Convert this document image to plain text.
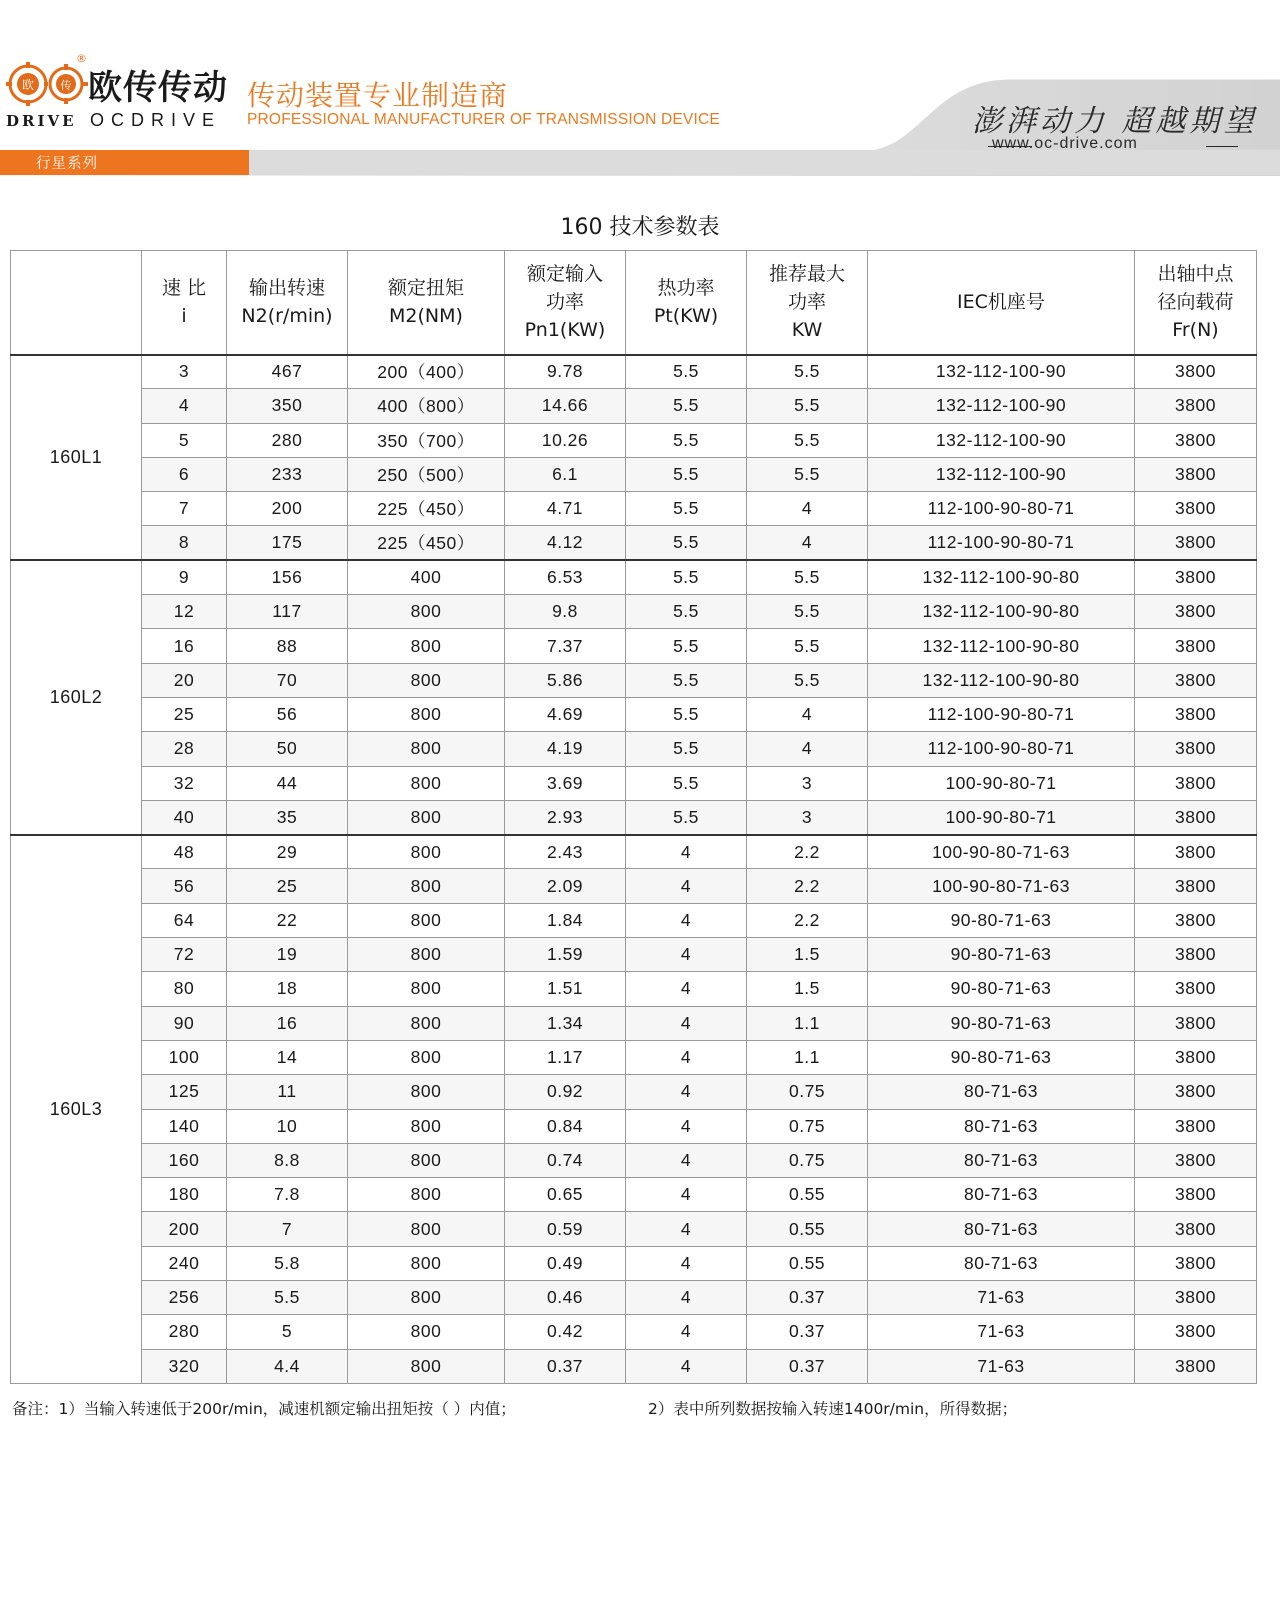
行星系列
欧 传
®
欧传传动
DRIVE OCDRIVE
传动装置专业制造商
PROFESSIONAL MANUFACTURER OF TRANSMISSION DEVICE	澎湃动力 超越期望
www.oc-drive.com
160 技术参数表
	速 比
i	输出转速
N2(r/min)	额定扭矩
M2(NM)	额定输入
功率
Pn1(KW)	热功率
Pt(KW)	推荐最大
功率
KW	IEC机座号	出轴中点
径向载荷
Fr(N)
160L1	3	467	200（400）	9.78	5.5	5.5	132-112-100-90	3800
	4	350	400（800）	14.66	5.5	5.5	132-112-100-90	3800
	5	280	350（700）	10.26	5.5	5.5	132-112-100-90	3800
	6	233	250（500）	6.1	5.5	5.5	132-112-100-90	3800
	7	200	225（450）	4.71	5.5	4	112-100-90-80-71	3800
	8	175	225（450）	4.12	5.5	4	112-100-90-80-71	3800
160L2	9	156	400	6.53	5.5	5.5	132-112-100-90-80	3800
	12	117	800	9.8	5.5	5.5	132-112-100-90-80	3800
	16	88	800	7.37	5.5	5.5	132-112-100-90-80	3800
	20	70	800	5.86	5.5	5.5	132-112-100-90-80	3800
	25	56	800	4.69	5.5	4	112-100-90-80-71	3800
	28	50	800	4.19	5.5	4	112-100-90-80-71	3800
	32	44	800	3.69	5.5	3	100-90-80-71	3800
	40	35	800	2.93	5.5	3	100-90-80-71	3800
160L3	48	29	800	2.43	4	2.2	100-90-80-71-63	3800
	56	25	800	2.09	4	2.2	100-90-80-71-63	3800
	64	22	800	1.84	4	2.2	90-80-71-63	3800
	72	19	800	1.59	4	1.5	90-80-71-63	3800
	80	18	800	1.51	4	1.5	90-80-71-63	3800
	90	16	800	1.34	4	1.1	90-80-71-63	3800
	100	14	800	1.17	4	1.1	90-80-71-63	3800
	125	11	800	0.92	4	0.75	80-71-63	3800
	140	10	800	0.84	4	0.75	80-71-63	3800
	160	8.8	800	0.74	4	0.75	80-71-63	3800
	180	7.8	800	0.65	4	0.55	80-71-63	3800
	200	7	800	0.59	4	0.55	80-71-63	3800
	240	5.8	800	0.49	4	0.55	80-71-63	3800
	256	5.5	800	0.46	4	0.37	71-63	3800
	280	5	800	0.42	4	0.37	71-63	3800
	320	4.4	800	0.37	4	0.37	71-63	3800
备注：1）当输入转速低于200r/min，减速机额定输出扭矩按（ ）内值；	2）表中所列数据按输入转速1400r/min，所得数据；
